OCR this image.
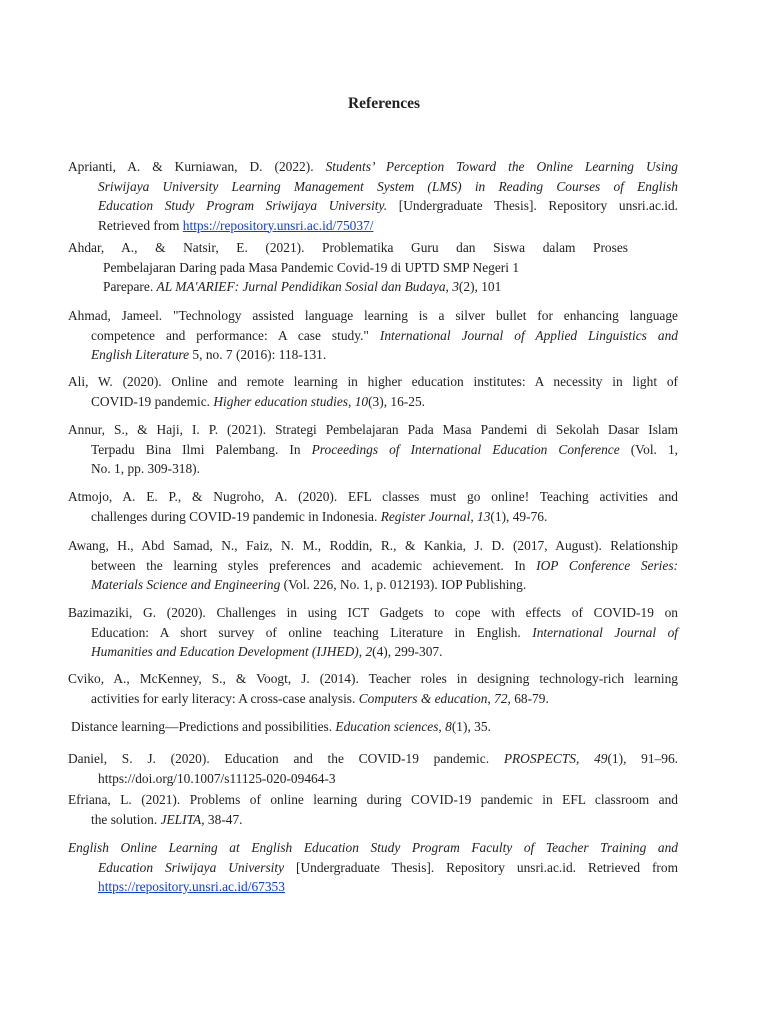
References
Aprianti, A. & Kurniawan, D. (2022). Students’ Perception Toward the Online Learning Using
Sriwijaya University Learning Management System (LMS) in Reading Courses of English
Education Study Program Sriwijaya University. [Undergraduate Thesis]. Repository unsri.ac.id.
Retrieved from https://repository.unsri.ac.id/75037/
Ahdar, A., & Natsir, E. (2021). Problematika Guru dan Siswa dalam Proses
Pembelajaran Daring pada Masa Pandemic Covid-19 di UPTD SMP Negeri 1
Parepare. AL MA'ARIEF: Jurnal Pendidikan Sosial dan Budaya, 3(2), 101
Ahmad, Jameel. "Technology assisted language learning is a silver bullet for enhancing language
competence and performance: A case study." International Journal of Applied Linguistics and
English Literature 5, no. 7 (2016): 118-131.
Ali, W. (2020). Online and remote learning in higher education institutes: A necessity in light of
COVID-19 pandemic. Higher education studies, 10(3), 16-25.
Annur, S., & Haji, I. P. (2021). Strategi Pembelajaran Pada Masa Pandemi di Sekolah Dasar Islam
Terpadu Bina Ilmi Palembang. In Proceedings of International Education Conference (Vol. 1,
No. 1, pp. 309-318).
Atmojo, A. E. P., & Nugroho, A. (2020). EFL classes must go online! Teaching activities and
challenges during COVID-19 pandemic in Indonesia. Register Journal, 13(1), 49-76.
Awang, H., Abd Samad, N., Faiz, N. M., Roddin, R., & Kankia, J. D. (2017, August). Relationship
between the learning styles preferences and academic achievement. In IOP Conference Series:
Materials Science and Engineering (Vol. 226, No. 1, p. 012193). IOP Publishing.
Bazimaziki, G. (2020). Challenges in using ICT Gadgets to cope with effects of COVID-19 on
Education: A short survey of online teaching Literature in English. International Journal of
Humanities and Education Development (IJHED), 2(4), 299-307.
Cviko, A., McKenney, S., & Voogt, J. (2014). Teacher roles in designing technology-rich learning
activities for early literacy: A cross-case analysis. Computers & education, 72, 68-79.
Distance learning—Predictions and possibilities. Education sciences, 8(1), 35.
Daniel, S. J. (2020). Education and the COVID-19 pandemic. PROSPECTS, 49(1), 91–96.
https://doi.org/10.1007/s11125-020-09464-3
Efriana, L. (2021). Problems of online learning during COVID-19 pandemic in EFL classroom and
the solution. JELITA, 38-47.
English Online Learning at English Education Study Program Faculty of Teacher Training and
Education Sriwijaya University [Undergraduate Thesis]. Repository unsri.ac.id. Retrieved from
https://repository.unsri.ac.id/67353
